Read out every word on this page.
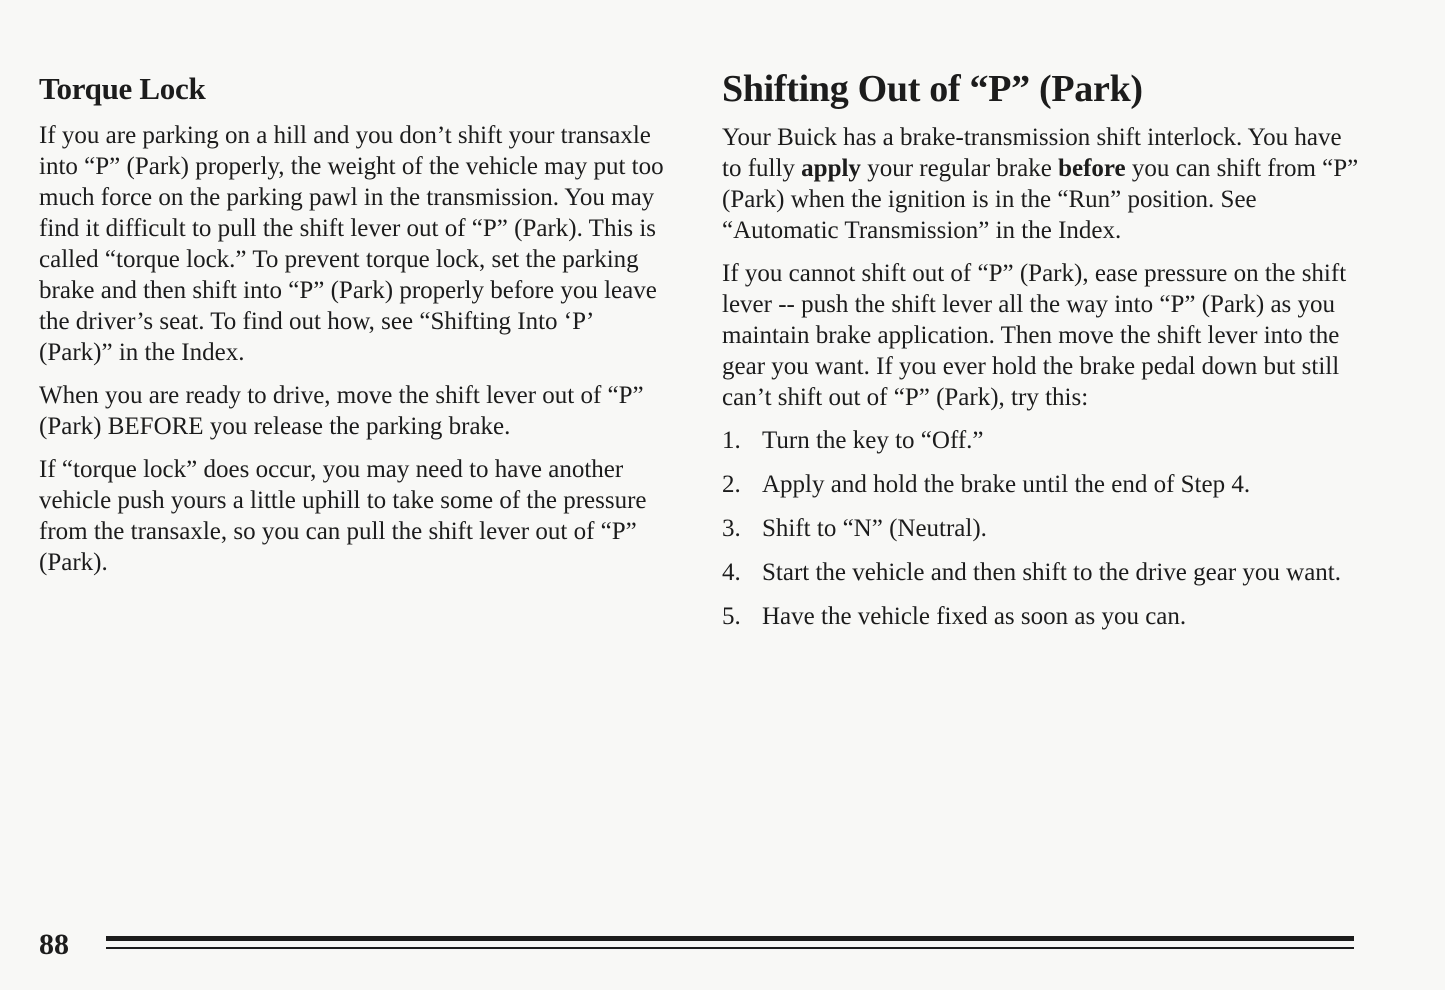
Torque Lock

If you are parking on a hill and you don’t shift your transaxle into “P” (Park) properly, the weight of the vehicle may put too much force on the parking pawl in the transmission. You may find it difficult to pull the shift lever out of “P” (Park). This is called “torque lock.” To prevent torque lock, set the parking brake and then shift into “P” (Park) properly before you leave the driver’s seat. To find out how, see “Shifting Into ‘P’ (Park)” in the Index.

When you are ready to drive, move the shift lever out of “P” (Park) BEFORE you release the parking brake.

If “torque lock” does occur, you may need to have another vehicle push yours a little uphill to take some of the pressure from the transaxle, so you can pull the shift lever out of “P” (Park).

Shifting Out of “P” (Park)

Your Buick has a brake-transmission shift interlock. You have to fully apply your regular brake before you can shift from “P” (Park) when the ignition is in the “Run” position. See “Automatic Transmission” in the Index.

If you cannot shift out of “P” (Park), ease pressure on the shift lever -- push the shift lever all the way into “P” (Park) as you maintain brake application. Then move the shift lever into the gear you want. If you ever hold the brake pedal down but still can’t shift out of “P” (Park), try this:

1. Turn the key to “Off.”
2. Apply and hold the brake until the end of Step 4.
3. Shift to “N” (Neutral).
4. Start the vehicle and then shift to the drive gear you want.
5. Have the vehicle fixed as soon as you can.
88
